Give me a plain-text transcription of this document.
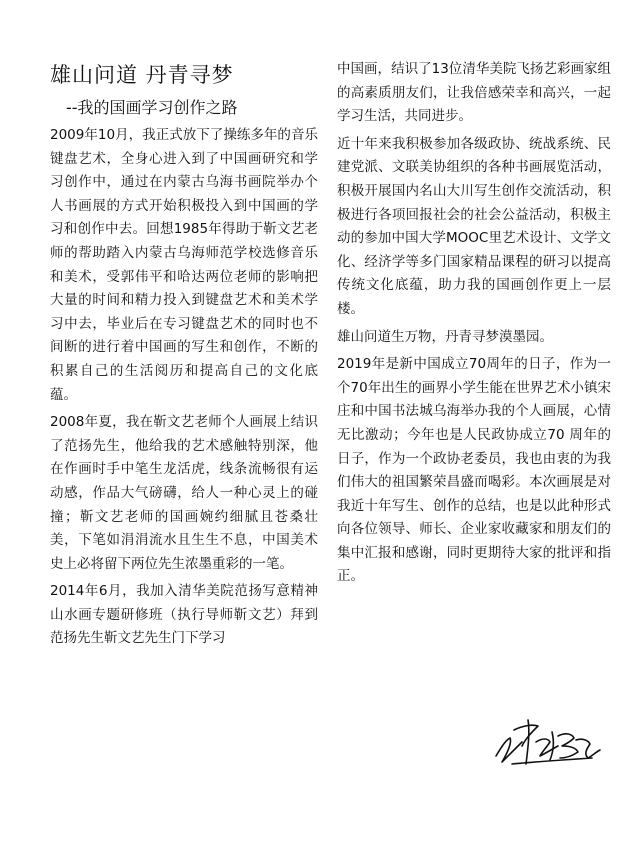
雄山问道 丹青寻梦
--我的国画学习创作之路

2009年10月，我正式放下了操练多年的音乐键盘艺术，全身心进入到了中国画研究和学习创作中，通过在内蒙古乌海书画院举办个人书画展的方式开始积极投入到中国画的学习和创作中去。回想1985年得助于靳文艺老师的帮助踏入内蒙古乌海师范学校选修音乐和美术，受郭伟平和哈达两位老师的影响把大量的时间和精力投入到键盘艺术和美术学习中去，毕业后在专习键盘艺术的同时也不间断的进行着中国画的写生和创作，不断的积累自己的生活阅历和提高自己的文化底蕴。

2008年夏，我在靳文艺老师个人画展上结识了范扬先生，他给我的艺术感触特别深，他在作画时手中笔生龙活虎，线条流畅很有运动感，作品大气磅礴，给人一种心灵上的碰撞；靳文艺老师的国画婉约细腻且苍桑壮美，下笔如涓涓流水且生生不息，中国美术史上必将留下两位先生浓墨重彩的一笔。

2014年6月，我加入清华美院范扬写意精神山水画专题研修班（执行导师靳文艺）拜到范扬先生靳文艺先生门下学习

中国画，结识了13位清华美院飞扬艺彩画家组的高素质朋友们，让我倍感荣幸和高兴，一起学习生活，共同进步。

近十年来我积极参加各级政协、统战系统、民建党派、文联美协组织的各种书画展览活动，积极开展国内名山大川写生创作交流活动，积极进行各项回报社会的社会公益活动，积极主动的参加中国大学MOOC里艺术设计、文学文化、经济学等多门国家精品课程的研习以提高传统文化底蕴，助力我的国画创作更上一层楼。

雄山问道生万物，丹青寻梦漠墨园。

2019年是新中国成立70周年的日子，作为一个70年出生的画界小学生能在世界艺术小镇宋庄和中国书法城乌海举办我的个人画展，心情无比激动；今年也是人民政协成立70 周年的日子，作为一个政协老委员，我也由衷的为我们伟大的祖国繁荣昌盛而喝彩。本次画展是对我近十年写生、创作的总结，也是以此种形式向各位领导、师长、企业家收藏家和朋友们的集中汇报和感谢，同时更期待大家的批评和指正。
